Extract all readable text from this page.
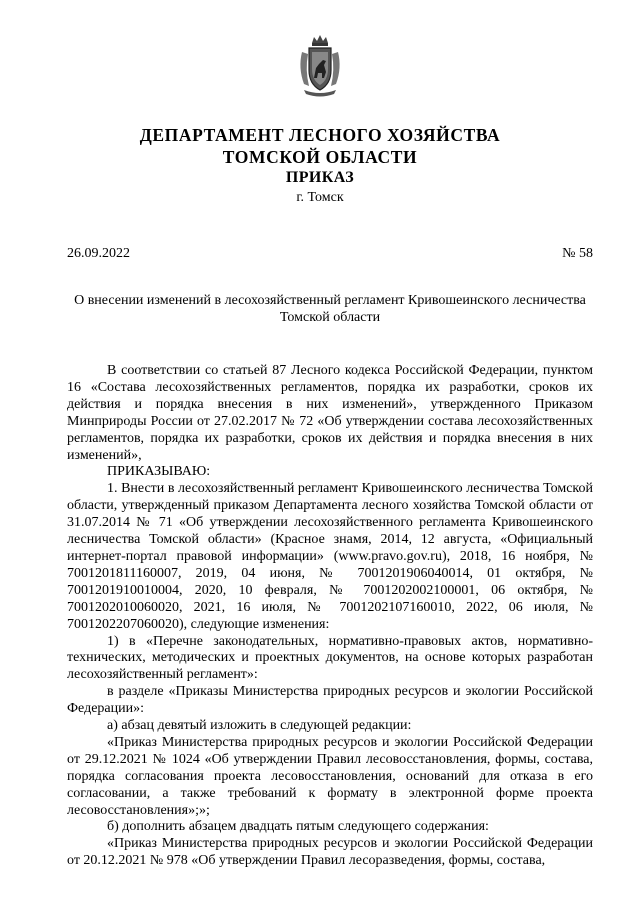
ДЕПАРТАМЕНТ ЛЕСНОГО ХОЗЯЙСТВА
ТОМСКОЙ ОБЛАСТИ
ПРИКАЗ
г. Томск
26.09.2022	№ 58
О внесении изменений в лесохозяйственный регламент Кривошеинского лесничества Томской области

В соответствии со статьей 87 Лесного кодекса Российской Федерации, пунктом 16 «Состава лесохозяйственных регламентов, порядка их разработки, сроков их действия и порядка внесения в них изменений», утвержденного Приказом Минприроды России от 27.02.2017 № 72 «Об утверждении состава лесохозяйственных регламентов, порядка их разработки, сроков их действия и порядка внесения в них изменений»,

ПРИКАЗЫВАЮ:

1. Внести в лесохозяйственный регламент Кривошеинского лесничества Томской области, утвержденный приказом Департамента лесного хозяйства Томской области от 31.07.2014 № 71 «Об утверждении лесохозяйственного регламента Кривошеинского лесничества Томской области» (Красное знамя, 2014, 12 августа, «Официальный интернет-портал правовой информации» (www.pravo.gov.ru), 2018, 16 ноября, № 7001201811160007, 2019, 04 июня, № 7001201906040014, 01 октября, № 7001201910010004, 2020, 10 февраля, № 7001202002100001, 06 октября, № 7001202010060020, 2021, 16 июля, № 7001202107160010, 2022, 06 июля, № 7001202207060020), следующие изменения:

1) в «Перечне законодательных, нормативно-правовых актов, нормативно-технических, методических и проектных документов, на основе которых разработан лесохозяйственный регламент»:

в разделе «Приказы Министерства природных ресурсов и экологии Российской Федерации»:

а) абзац девятый изложить в следующей редакции:

«Приказ Министерства природных ресурсов и экологии Российской Федерации от 29.12.2021 № 1024 «Об утверждении Правил лесовосстановления, формы, состава, порядка согласования проекта лесовосстановления, оснований для отказа в его согласовании, а также требований к формату в электронной форме проекта лесовосстановления»;»;

б) дополнить абзацем двадцать пятым следующего содержания:

«Приказ Министерства природных ресурсов и экологии Российской Федерации от 20.12.2021 № 978 «Об утверждении Правил лесоразведения, формы, состава,
